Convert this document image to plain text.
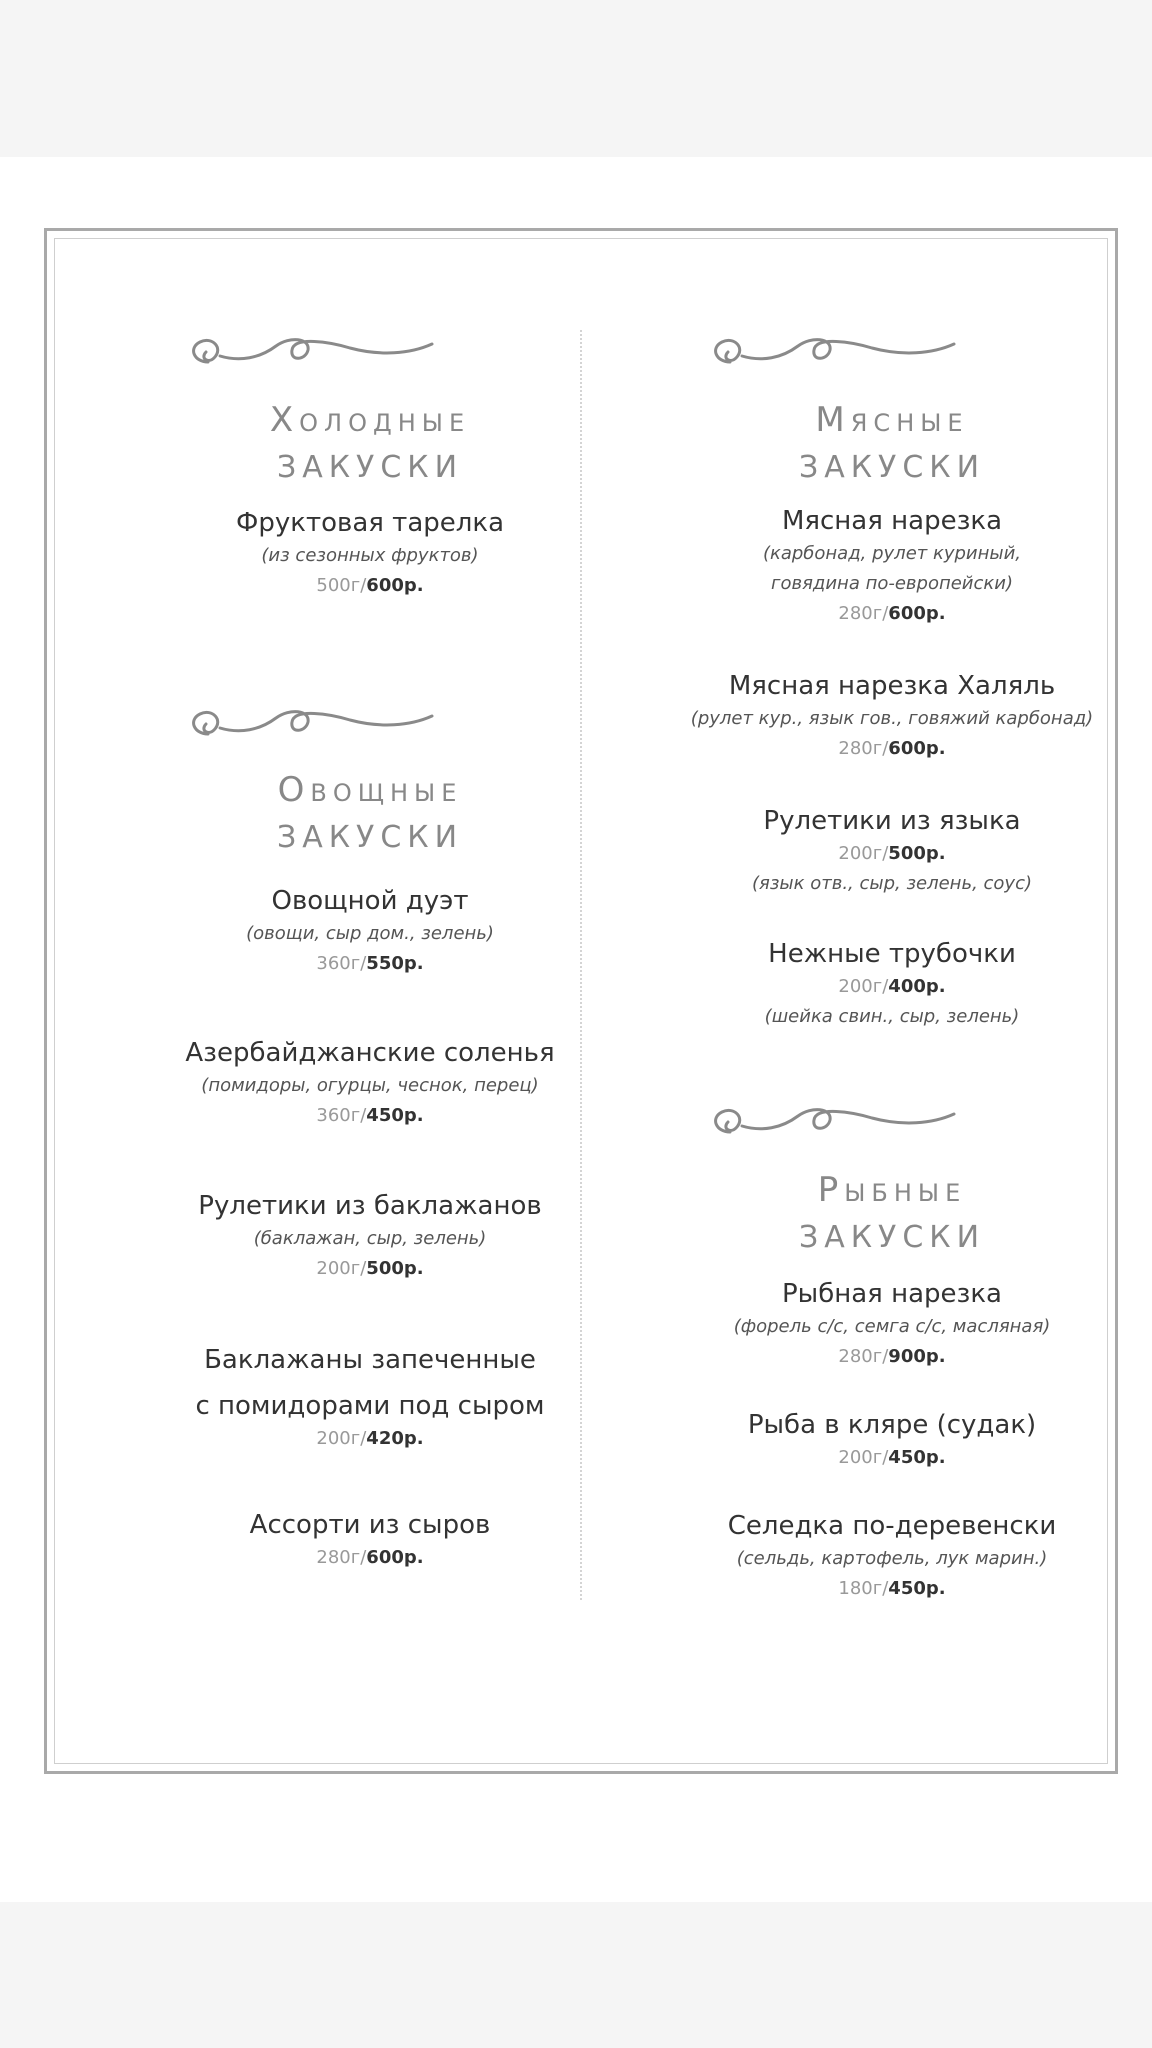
Холодные
ЗАКУСКИ
Фруктовая тарелка
(из сезонных фруктов)
500г/600р.
Овощные
ЗАКУСКИ
Овощной дуэт
(овощи, сыр дом., зелень)
360г/550р.
Азербайджанские соленья
(помидоры, огурцы, чеснок, перец)
360г/450р.
Рулетики из баклажанов
(баклажан, сыр, зелень)
200г/500р.
Баклажаны запеченные
с помидорами под сыром
200г/420р.
Ассорти из сыров
280г/600р.
Мясные
ЗАКУСКИ
Мясная нарезка
(карбонад, рулет куриный,
говядина по-европейски)
280г/600р.
Мясная нарезка Халяль
(рулет кур., язык гов., говяжий карбонад)
280г/600р.
Рулетики из языка
200г/500р.
(язык отв., сыр, зелень, соус)
Нежные трубочки
200г/400р.
(шейка свин., сыр, зелень)
Рыбные
ЗАКУСКИ
Рыбная нарезка
(форель с/с, семга с/с, масляная)
280г/900р.
Рыба в кляре (судак)
200г/450р.
Селедка по-деревенски
(сельдь, картофель, лук марин.)
180г/450р.
